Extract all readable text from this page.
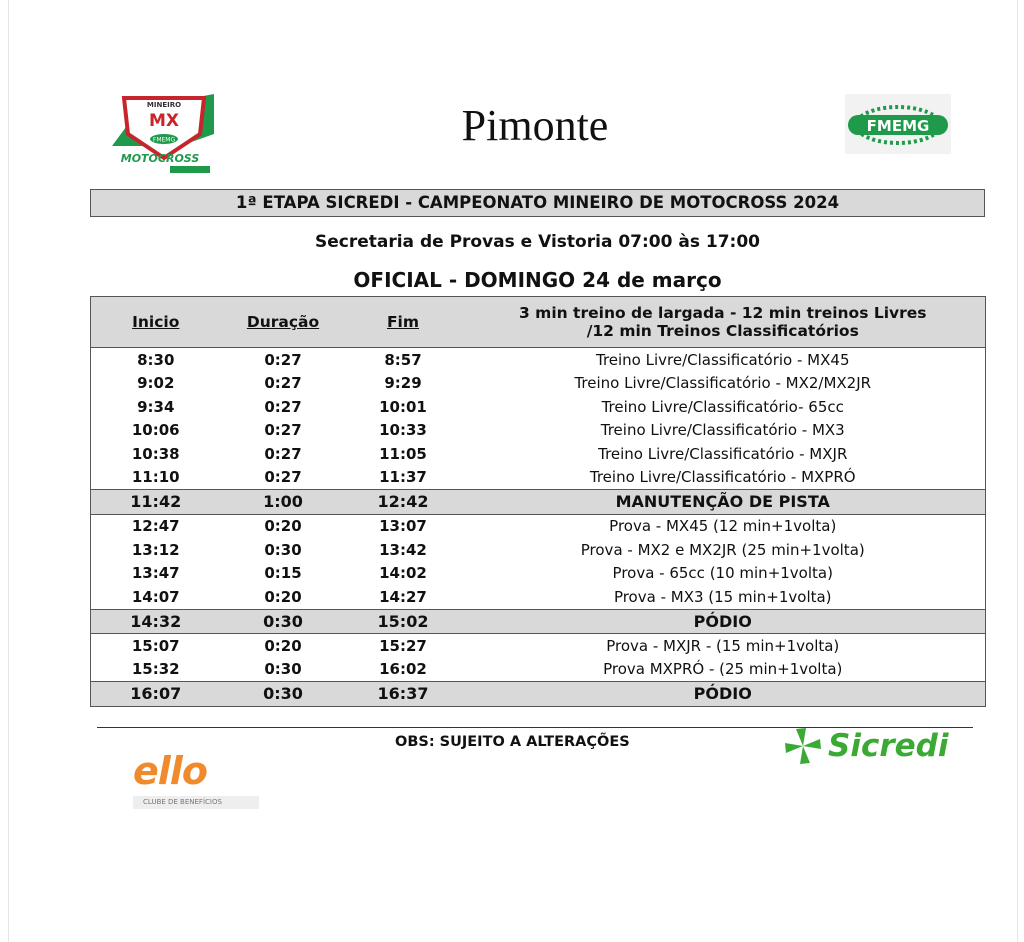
MINEIRO
MX
FMEMG
MOTOCROSS
Pimonte	FMEMG
1ª ETAPA SICREDI - CAMPEONATO MINEIRO DE MOTOCROSS 2024
Secretaria de Provas e Vistoria 07:00 às 17:00
OFICIAL - DOMINGO 24 de março
Inicio	Duração	Fim	3 min treino de largada - 12 min treinos Livres
/12 min Treinos Classificatórios

8:30	0:27	8:57	Treino Livre/Classificatório - MX45
9:02	0:27	9:29	Treino Livre/Classificatório - MX2/MX2JR
9:34	0:27	10:01	Treino Livre/Classificatório- 65cc
10:06	0:27	10:33	Treino Livre/Classificatório - MX3
10:38	0:27	11:05	Treino Livre/Classificatório - MXJR
11:10	0:27	11:37	Treino Livre/Classificatório - MXPRÓ
11:42	1:00	12:42	MANUTENÇÃO DE PISTA
12:47	0:20	13:07	Prova - MX45 (12 min+1volta)
13:12	0:30	13:42	Prova - MX2 e MX2JR (25 min+1volta)
13:47	0:15	14:02	Prova - 65cc (10 min+1volta)
14:07	0:20	14:27	Prova - MX3 (15 min+1volta)
14:32	0:30	15:02	PÓDIO
15:07	0:20	15:27	Prova - MXJR - (15 min+1volta)
15:32	0:30	16:02	Prova MXPRÓ - (25 min+1volta)
16:07	0:30	16:37	PÓDIO
OBS: SUJEITO A ALTERAÇÕES
ello
CLUBE DE BENEFÍCIOS
Sicredi
